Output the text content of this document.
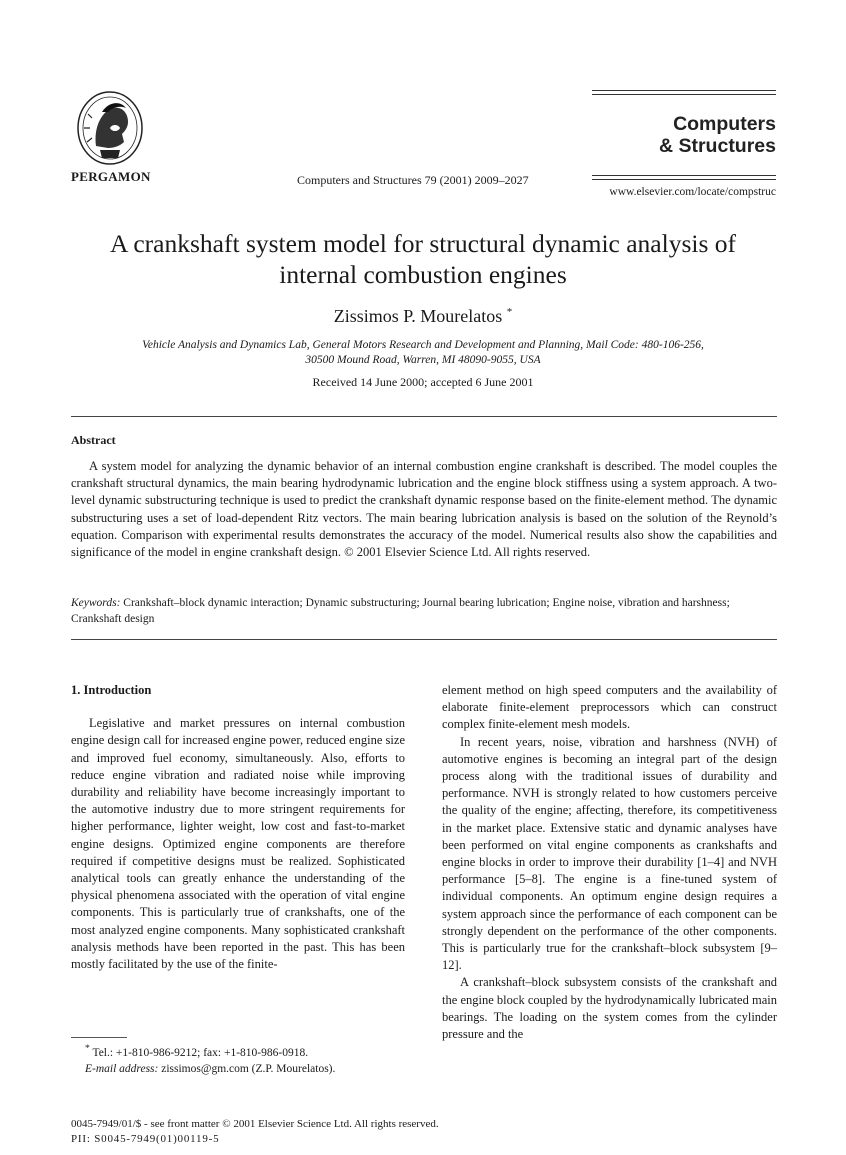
PERGAMON	Computers and Structures 79 (2001) 2009–2027
Computers
& Structures
www.elsevier.com/locate/compstruc
A crankshaft system model for structural dynamic analysis of
internal combustion engines
Zissimos P. Mourelatos *
Vehicle Analysis and Dynamics Lab, General Motors Research and Development and Planning, Mail Code: 480-106-256,
30500 Mound Road, Warren, MI 48090-9055, USA
Received 14 June 2000; accepted 6 June 2001
Abstract
A system model for analyzing the dynamic behavior of an internal combustion engine crankshaft is described. The model couples the crankshaft structural dynamics, the main bearing hydrodynamic lubrication and the engine block stiffness using a system approach. A two-level dynamic substructuring technique is used to predict the crankshaft dynamic response based on the finite-element method. The dynamic substructuring uses a set of load-dependent Ritz vectors. The main bearing lubrication analysis is based on the solution of the Reynold’s equation. Comparison with experimental results demonstrates the accuracy of the model. Numerical results also show the capabilities and significance of the model in engine crankshaft design. © 2001 Elsevier Science Ltd. All rights reserved.
Keywords: Crankshaft–block dynamic interaction; Dynamic substructuring; Journal bearing lubrication; Engine noise, vibration and harshness; Crankshaft design
1. Introduction

Legislative and market pressures on internal combustion engine design call for increased engine power, reduced engine size and improved fuel economy, simultaneously. Also, efforts to reduce engine vibration and radiated noise while improving durability and reliability have become increasingly important to the automotive industry due to more stringent requirements for higher performance, lighter weight, low cost and fast-to-market engine designs. Optimized engine components are therefore required if competitive designs must be realized. Sophisticated analytical tools can greatly enhance the understanding of the physical phenomena associated with the operation of vital engine components. This is particularly true of crankshafts, one of the most analyzed engine components. Many sophisticated crankshaft analysis methods have been reported in the past. This has been mostly facilitated by the use of the finite-

* Tel.: +1-810-986-9212; fax: +1-810-986-0918.
E-mail address: zissimos@gm.com (Z.P. Mourelatos).

element method on high speed computers and the availability of elaborate finite-element preprocessors which can construct complex finite-element mesh models.

In recent years, noise, vibration and harshness (NVH) of automotive engines is becoming an integral part of the design process along with the traditional issues of durability and performance. NVH is strongly related to how customers perceive the quality of the engine; affecting, therefore, its competitiveness in the market place. Extensive static and dynamic analyses have been performed on vital engine components as crankshafts and engine blocks in order to improve their durability [1–4] and NVH performance [5–8]. The engine is a fine-tuned system of individual components. An optimum engine design requires a system approach since the performance of each component can be strongly dependent on the performance of the other components. This is particularly true for the crankshaft–block subsystem [9–12].

A crankshaft–block subsystem consists of the crankshaft and the engine block coupled by the hydrodynamically lubricated main bearings. The loading on the system comes from the cylinder pressure and the

0045-7949/01/$ - see front matter © 2001 Elsevier Science Ltd. All rights reserved.
PII: S0045-7949(01)00119-5
